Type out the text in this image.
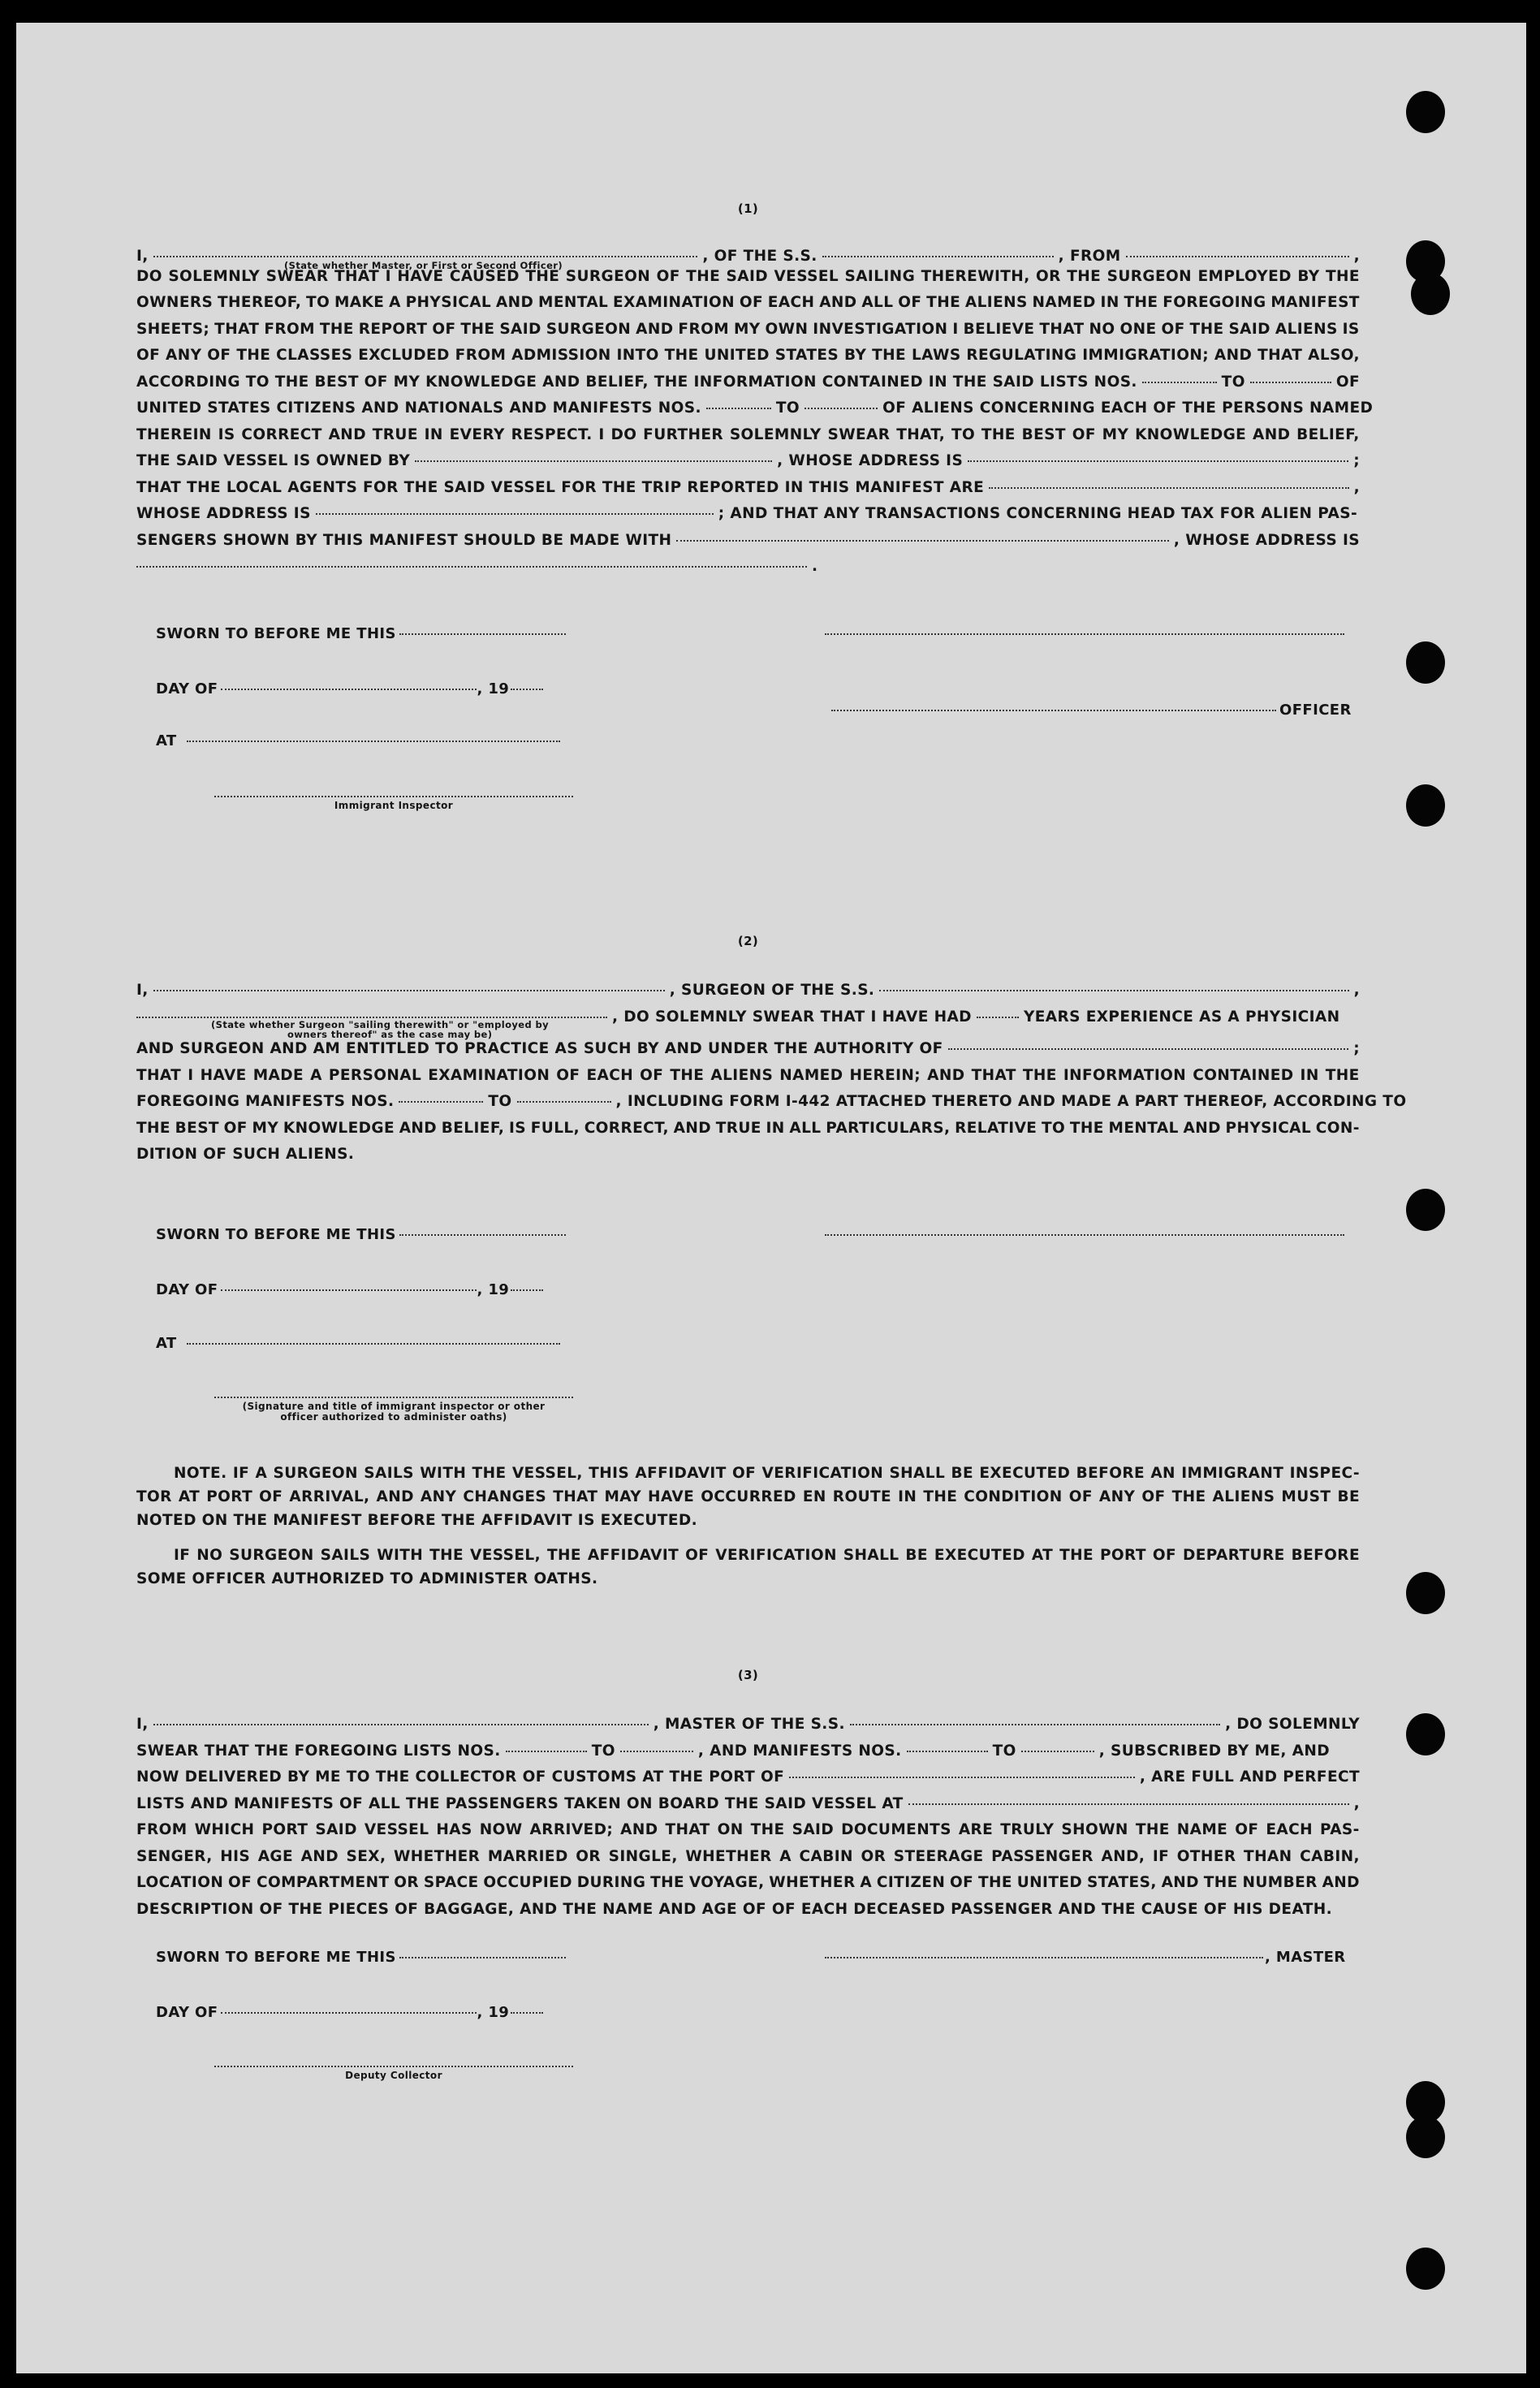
(1)
I,	, OF THE S.S.	, FROM	,
(State whether Master, or First or Second Officer)
DO SOLEMNLY SWEAR THAT I HAVE CAUSED THE SURGEON OF THE SAID VESSEL SAILING THEREWITH, OR THE SURGEON EMPLOYED BY THE
OWNERS THEREOF, TO MAKE A PHYSICAL AND MENTAL EXAMINATION OF EACH AND ALL OF THE ALIENS NAMED IN THE FOREGOING MANIFEST
SHEETS; THAT FROM THE REPORT OF THE SAID SURGEON AND FROM MY OWN INVESTIGATION I BELIEVE THAT NO ONE OF THE SAID ALIENS IS
OF ANY OF THE CLASSES EXCLUDED FROM ADMISSION INTO THE UNITED STATES BY THE LAWS REGULATING IMMIGRATION; AND THAT ALSO,
ACCORDING TO THE BEST OF MY KNOWLEDGE AND BELIEF, THE INFORMATION CONTAINED IN THE SAID LISTS NOS.	TO	OF
UNITED STATES CITIZENS AND NATIONALS AND MANIFESTS NOS.	TO	OF ALIENS CONCERNING EACH OF THE PERSONS NAMED
THEREIN IS CORRECT AND TRUE IN EVERY RESPECT. I DO FURTHER SOLEMNLY SWEAR THAT, TO THE BEST OF MY KNOWLEDGE AND BELIEF,
THE SAID VESSEL IS OWNED BY	, WHOSE ADDRESS IS	;
THAT THE LOCAL AGENTS FOR THE SAID VESSEL FOR THE TRIP REPORTED IN THIS MANIFEST ARE	,
WHOSE ADDRESS IS	; AND THAT ANY TRANSACTIONS CONCERNING HEAD TAX FOR ALIEN PAS-
SENGERS SHOWN BY THIS MANIFEST SHOULD BE MADE WITH	, WHOSE ADDRESS IS
.
SWORN TO BEFORE ME THIS
DAY OF	, 19
OFFICER
AT
Immigrant Inspector
(2)
I,	, SURGEON OF THE S.S.	,
, DO SOLEMNLY SWEAR THAT I HAVE HAD	YEARS EXPERIENCE AS A PHYSICIAN
(State whether Surgeon "sailing therewith" or "employed by
owners thereof" as the case may be)
AND SURGEON AND AM ENTITLED TO PRACTICE AS SUCH BY AND UNDER THE AUTHORITY OF	;
THAT I HAVE MADE A PERSONAL EXAMINATION OF EACH OF THE ALIENS NAMED HEREIN; AND THAT THE INFORMATION CONTAINED IN THE
FOREGOING MANIFESTS NOS.	TO	, INCLUDING FORM I-442 ATTACHED THERETO AND MADE A PART THEREOF, ACCORDING TO
THE BEST OF MY KNOWLEDGE AND BELIEF, IS FULL, CORRECT, AND TRUE IN ALL PARTICULARS, RELATIVE TO THE MENTAL AND PHYSICAL CON-
DITION OF SUCH ALIENS.
SWORN TO BEFORE ME THIS
DAY OF	, 19
AT
(Signature and title of immigrant inspector or other
officer authorized to administer oaths)

NOTE. IF A SURGEON SAILS WITH THE VESSEL, THIS AFFIDAVIT OF VERIFICATION SHALL BE EXECUTED BEFORE AN IMMIGRANT INSPEC-TOR AT PORT OF ARRIVAL, AND ANY CHANGES THAT MAY HAVE OCCURRED EN ROUTE IN THE CONDITION OF ANY OF THE ALIENS MUST BE NOTED ON THE MANIFEST BEFORE THE AFFIDAVIT IS EXECUTED.

IF NO SURGEON SAILS WITH THE VESSEL, THE AFFIDAVIT OF VERIFICATION SHALL BE EXECUTED AT THE PORT OF DEPARTURE BEFORE SOME OFFICER AUTHORIZED TO ADMINISTER OATHS.

(3)
I,	, MASTER OF THE S.S.	, DO SOLEMNLY
SWEAR THAT THE FOREGOING LISTS NOS.	TO	, AND MANIFESTS NOS.	TO	, SUBSCRIBED BY ME, AND
NOW DELIVERED BY ME TO THE COLLECTOR OF CUSTOMS AT THE PORT OF	, ARE FULL AND PERFECT
LISTS AND MANIFESTS OF ALL THE PASSENGERS TAKEN ON BOARD THE SAID VESSEL AT	,
FROM WHICH PORT SAID VESSEL HAS NOW ARRIVED; AND THAT ON THE SAID DOCUMENTS ARE TRULY SHOWN THE NAME OF EACH PAS-
SENGER, HIS AGE AND SEX, WHETHER MARRIED OR SINGLE, WHETHER A CABIN OR STEERAGE PASSENGER AND, IF OTHER THAN CABIN,
LOCATION OF COMPARTMENT OR SPACE OCCUPIED DURING THE VOYAGE, WHETHER A CITIZEN OF THE UNITED STATES, AND THE NUMBER AND
DESCRIPTION OF THE PIECES OF BAGGAGE, AND THE NAME AND AGE OF OF EACH DECEASED PASSENGER AND THE CAUSE OF HIS DEATH.
SWORN TO BEFORE ME THIS	, MASTER
DAY OF	, 19
Deputy Collector
